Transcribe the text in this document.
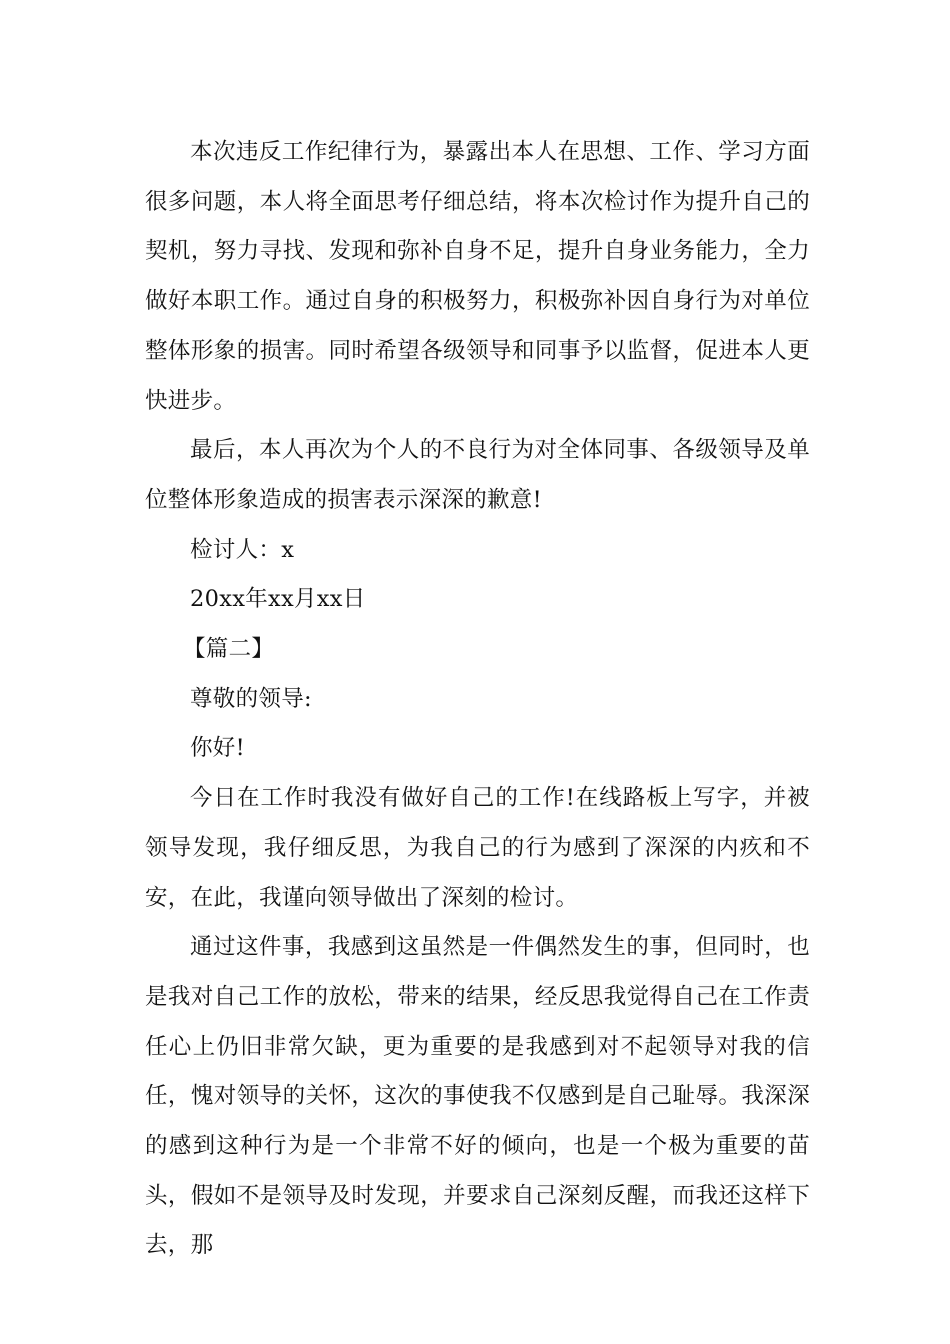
本次违反工作纪律行为，暴露出本人在思想、工作、学习方面很多问题，本人将全面思考仔细总结，将本次检讨作为提升自己的契机，努力寻找、发现和弥补自身不足，提升自身业务能力，全力做好本职工作。通过自身的积极努力，积极弥补因自身行为对单位整体形象的损害。同时希望各级领导和同事予以监督，促进本人更快进步。

最后，本人再次为个人的不良行为对全体同事、各级领导及单位整体形象造成的损害表示深深的歉意!

检讨人：x

20xx年xx月xx日

【篇二】

尊敬的领导:

你好!

今日在工作时我没有做好自己的工作!在线路板上写字，并被领导发现，我仔细反思，为我自己的行为感到了深深的内疚和不安，在此，我谨向领导做出了深刻的检讨。

通过这件事，我感到这虽然是一件偶然发生的事，但同时，也是我对自己工作的放松，带来的结果，经反思我觉得自己在工作责任心上仍旧非常欠缺，更为重要的是我感到对不起领导对我的信任，愧对领导的关怀，这次的事使我不仅感到是自己耻辱。我深深的感到这种行为是一个非常不好的倾向，也是一个极为重要的苗头，假如不是领导及时发现，并要求自己深刻反醒，而我还这样下去，那
